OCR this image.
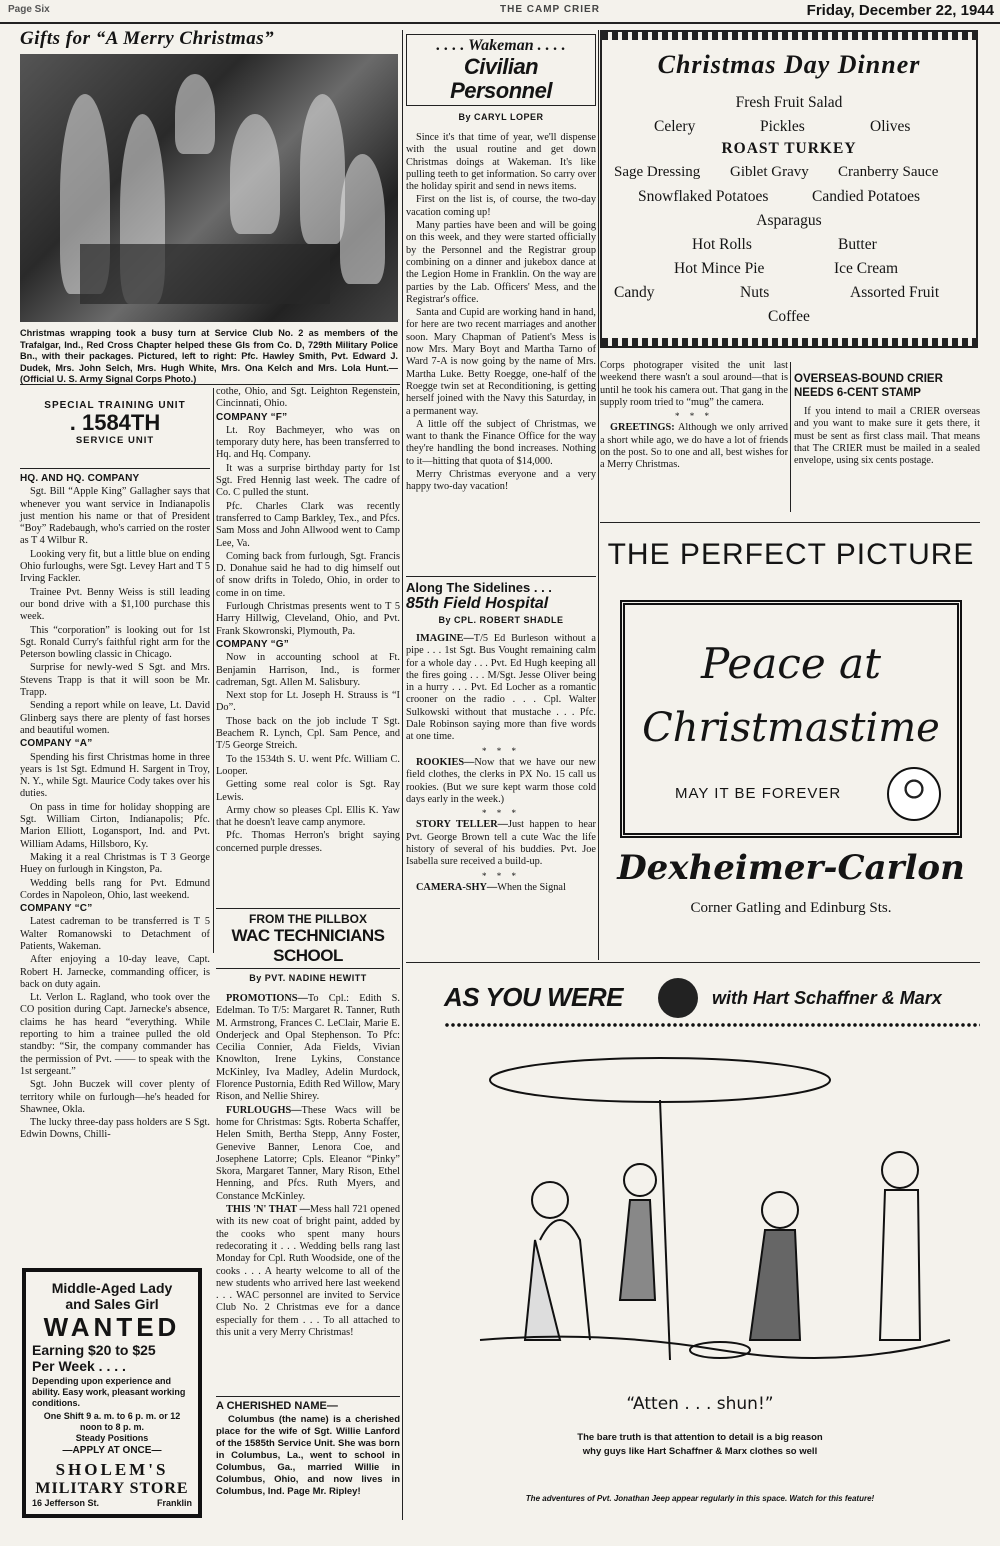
Page Six	THE CAMP CRIER	Friday, December 22, 1944
Gifts for “A Merry Christmas”
Christmas wrapping took a busy turn at Service Club No. 2 as members of the Trafalgar, Ind., Red Cross Chapter helped these GIs from Co. D, 729th Military Police Bn., with their packages. Pictured, left to right: Pfc. Hawley Smith, Pvt. Edward J. Dudek, Mrs. John Selch, Mrs. Hugh White, Mrs. Ona Kelch and Mrs. Lola Hunt.—(Official U. S. Army Signal Corps Photo.)
. . . . Wakeman . . . .
Civilian Personnel
By CARYL LOPER

Since it's that time of year, we'll dispense with the usual routine and get down Christmas doings at Wakeman. It's like pulling teeth to get information. So carry over the holiday spirit and send in news items.

First on the list is, of course, the two-day vacation coming up!

Many parties have been and will be going on this week, and they were started officially by the Personnel and the Registrar group combining on a dinner and jukebox dance at the Legion Home in Franklin. On the way are parties by the Lab. Officers' Mess, and the Registrar's office.

Santa and Cupid are working hand in hand, for here are two recent marriages and another soon. Mary Chapman of Patient's Mess is now Mrs. Mary Boyt and Martha Tarno of Ward 7-A is now going by the name of Mrs. Martha Luke. Betty Roegge, one-half of the Roegge twin set at Reconditioning, is getting herself joined with the Navy this Saturday, in a permanent way.

A little off the subject of Christmas, we want to thank the Finance Office for the way they're handling the bond increases. Nothing to it—hitting that quota of $14,000.

Merry Christmas everyone and a very happy two-day vacation!

Christmas Day Dinner
Fresh Fruit Salad
Celery	Pickles	Olives
ROAST TURKEY
Sage Dressing Giblet Gravy Cranberry Sauce
Snowflaked Potatoes	Candied Potatoes
Asparagus
Hot Rolls	Butter
Hot Mince Pie	Ice Cream
Candy	Nuts	Assorted Fruit
Coffee

Corps photograper visited the unit last weekend there wasn't a soul around—that is until he took his camera out. That gang in the supply room tried to “mug” the camera.

* * *

GREETINGS: Although we only arrived a short while ago, we do have a lot of friends on the post. So to one and all, best wishes for a Merry Christmas.

OVERSEAS-BOUND CRIER NEEDS 6-CENT STAMP
If you intend to mail a CRIER overseas and you want to make sure it gets there, it must be sent as first class mail. That means that The CRIER must be mailed in a sealed envelope, using six cents postage.
SPECIAL TRAINING UNIT
. 1584TH
SERVICE UNIT
HQ. AND HQ. COMPANY

Sgt. Bill “Apple King” Gallagher says that whenever you want service in Indianapolis just mention his name or that of President “Boy” Radebaugh, who's carried on the roster as T 4 Wilbur R.

Looking very fit, but a little blue on ending Ohio furloughs, were Sgt. Levey Hart and T 5 Irving Fackler.

Trainee Pvt. Benny Weiss is still leading our bond drive with a $1,100 purchase this week.

This “corporation” is looking out for 1st Sgt. Ronald Curry's faithful right arm for the Peterson bowling classic in Chicago.

Surprise for newly-wed S Sgt. and Mrs. Stevens Trapp is that it will soon be Mr. Trapp.

Sending a report while on leave, Lt. David Glinberg says there are plenty of fast horses and beautiful women.

COMPANY “A”

Spending his first Christmas home in three years is 1st Sgt. Edmund H. Sargent in Troy, N. Y., while Sgt. Maurice Cody takes over his duties.

On pass in time for holiday shopping are Sgt. William Cirton, Indianapolis; Pfc. Marion Elliott, Logansport, Ind. and Pvt. William Adams, Hillsboro, Ky.

Making it a real Christmas is T 3 George Huey on furlough in Kingston, Pa.

Wedding bells rang for Pvt. Edmund Cordes in Napoleon, Ohio, last weekend.

COMPANY “C”

Latest cadreman to be transferred is T 5 Walter Romanowski to Detachment of Patients, Wakeman.

After enjoying a 10-day leave, Capt. Robert H. Jarnecke, commanding officer, is back on duty again.

Lt. Verlon L. Ragland, who took over the CO position during Capt. Jarnecke's absence, claims he has heard “everything. While reporting to him a trainee pulled the old standby: “Sir, the company commander has the permission of Pvt. —— to speak with the 1st sergeant.”

Sgt. John Buczek will cover plenty of territory while on furlough—he's headed for Shawnee, Okla.

The lucky three-day pass holders are S Sgt. Edwin Downs, Chilli-

cothe, Ohio, and Sgt. Leighton Regenstein, Cincinnati, Ohio.

COMPANY “F”

Lt. Roy Bachmeyer, who was on temporary duty here, has been transferred to Hq. and Hq. Company.

It was a surprise birthday party for 1st Sgt. Fred Hennig last week. The cadre of Co. C pulled the stunt.

Pfc. Charles Clark was recently transferred to Camp Barkley, Tex., and Pfcs. Sam Moss and John Allwood went to Camp Lee, Va.

Coming back from furlough, Sgt. Francis D. Donahue said he had to dig himself out of snow drifts in Toledo, Ohio, in order to come in on time.

Furlough Christmas presents went to T 5 Harry Hillwig, Cleveland, Ohio, and Pvt. Frank Skowronski, Plymouth, Pa.

COMPANY “G”

Now in accounting school at Ft. Benjamin Harrison, Ind., is former cadreman, Sgt. Allen M. Salisbury.

Next stop for Lt. Joseph H. Strauss is “I Do”.

Those back on the job include T Sgt. Beachem R. Lynch, Cpl. Sam Pence, and T/5 George Streich.

To the 1534th S. U. went Pfc. William C. Looper.

Getting some real color is Sgt. Ray Lewis.

Army chow so pleases Cpl. Ellis K. Yaw that he doesn't leave camp anymore.

Pfc. Thomas Herron's bright saying concerned purple dresses.

FROM THE PILLBOX
WAC TECHNICIANS SCHOOL
By PVT. NADINE HEWITT

PROMOTIONS—To Cpl.: Edith S. Edelman. To T/5: Margaret R. Tanner, Ruth M. Armstrong, Frances C. LeClair, Marie E. Onderjeck and Opal Stephenson. To Pfc: Cecilia Connier, Ada Fields, Vivian Knowlton, Irene Lykins, Constance McKinley, Iva Madley, Adelin Murdock, Florence Pustornia, Edith Red Willow, Mary Rison, and Nellie Shirey.

FURLOUGHS—These Wacs will be home for Christmas: Sgts. Roberta Schaffer, Helen Smith, Bertha Stepp, Anny Foster, Genevive Banner, Lenora Coe, and Josephene Latorre; Cpls. Eleanor “Pinky” Skora, Margaret Tanner, Mary Rison, Ethel Henning, and Pfcs. Ruth Myers, and Constance McKinley.

THIS 'N' THAT —Mess hall 721 opened with its new coat of bright paint, added by the cooks who spent many hours redecorating it . . . Wedding bells rang last Monday for Cpl. Ruth Woodside, one of the cooks . . . A hearty welcome to all of the new students who arrived here last weekend . . . WAC personnel are invited to Service Club No. 2 Christmas eve for a dance especially for them . . . To all attached to this unit a very Merry Christmas!

A CHERISHED NAME—
Columbus (the name) is a cherished place for the wife of Sgt. Willie Lanford of the 1585th Service Unit. She was born in Columbus, La., went to school in Columbus, Ga., married Willie in Columbus, Ohio, and now lives in Columbus, Ind. Page Mr. Ripley!
Middle-Aged Lady
and Sales Girl
WANTED
Earning $20 to $25
Per Week . . . .
Depending upon experience and ability. Easy work, pleasant working conditions.
One Shift 9 a. m. to 6 p. m. or 12 noon to 8 p. m.
Steady Positions
—APPLY AT ONCE—
SHOLEM'S
MILITARY STORE
16 Jefferson St.	Franklin
Along The Sidelines . . .
85th Field Hospital
By CPL. ROBERT SHADLE

IMAGINE—T/5 Ed Burleson without a pipe . . . 1st Sgt. Bus Vought remaining calm for a whole day . . . Pvt. Ed Hugh keeping all the fires going . . . M/Sgt. Jesse Oliver being in a hurry . . . Pvt. Ed Locher as a romantic crooner on the radio . . . Cpl. Walter Sulkowski without that mustache . . . Pfc. Dale Robinson saying more than five words at one time.

* * *

ROOKIES—Now that we have our new field clothes, the clerks in PX No. 15 call us rookies. (But we sure kept warm those cold days early in the week.)

* * *

STORY TELLER—Just happen to hear Pvt. George Brown tell a cute Wac the life history of several of his buddies. Pvt. Joe Isabella sure received a build-up.

* * *

CAMERA-SHY—When the Signal

THE PERFECT PICTURE
Peace at
Christmastime
MAY IT BE FOREVER
Dexheimer-Carlon
Corner Gatling and Edinburg Sts.
AS YOU WERE	with Hart Schaffner & Marx
“Atten . . . shun!”
The bare truth is that attention to detail is a big reason
why guys like Hart Schaffner & Marx clothes so well
The adventures of Pvt. Jonathan Jeep appear regularly in this space. Watch for this feature!
